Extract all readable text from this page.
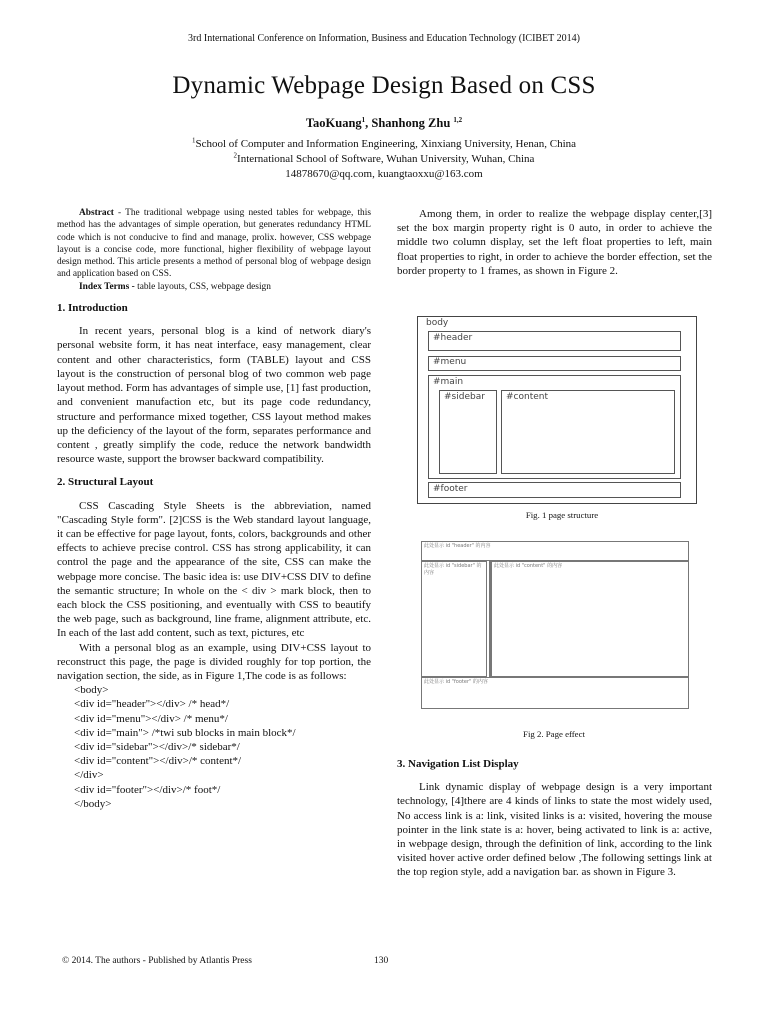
3rd International Conference on Information, Business and Education Technology (ICIBET 2014)
Dynamic Webpage Design Based on CSS
TaoKuang$^1$, Shanhong Zhu $^{1,2}$
$^1$School of Computer and Information Engineering, Xinxiang University, Henan, China
$^2$International School of Software, Wuhan University, Wuhan, China
14878670@qq.com, kuangtaoxxu@163.com
Abstract - The traditional webpage using nested tables for webpage, this method has the advantages of simple operation, but generates redundancy HTML code which is not conducive to find and manage, prolix. however, CSS webpage layout is a concise code, more functional, higher flexibility of webpage layout design method. This article presents a method of personal blog of webpage design and application based on CSS.
Index Terms - table layouts, CSS, webpage design
1. Introduction
In recent years, personal blog is a kind of network diary's personal website form, it has neat interface, easy management, clear content and other characteristics, form (TABLE) layout and CSS layout is the construction of personal blog of two common web page layout method. Form has advantages of simple use, [1] fast production, and convenient manufaction etc, but its page code redundancy, structure and performance mixed together, CSS layout method makes up the deficiency of the layout of the form, separates performance and content , greatly simplify the code, reduce the network bandwidth resource waste, support the browser backward compatibility.
2. Structural Layout
CSS Cascading Style Sheets is the abbreviation, named "Cascading Style form". [2]CSS is the Web standard layout language, it can be effective for page layout, fonts, colors, backgrounds and other effects to achieve precise control. CSS has strong applicability, it can control the page and the appearance of the site, CSS can make the webpage more concise. The basic idea is: use DIV+CSS DIV to define the semantic structure; In whole on the < div > mark block, then to each block the CSS positioning, and eventually with CSS to beautify the web page, such as background, line frame, alignment attribute, etc. In each of the last add content, such as text, pictures, etc
With a personal blog as an example, using DIV+CSS layout to reconstruct this page, the page is divided roughly for top portion, the navigation section, the side, as in Figure 1,The code is as follows:
<body>
<div id="header"></div> /* head*/
<div id="menu"></div> /* menu*/
<div id="main"> /*twi sub blocks in main block*/
<div id="sidebar"></div>/* sidebar*/
<div id="content"></div>/* content*/
</div>
<div id="footer"></div>/* foot*/
</body>
Among them, in order to realize the webpage display center,[3] set the box margin property right is 0 auto, in order to achieve the middle two column display, set the left float properties to left, main float properties to right, in order to achieve the border effection, set the border property to 1 frames, as shown in Figure 2.
body
#header
#menu
#main
#sidebar	#content
#footer
Fig. 1 page structure
此处显示 id "header" 的内容
此处显示 id "sidebar" 的内容
此处显示 id "content" 的内容
此处显示 id "footer" 的内容
Fig 2. Page effect
3. Navigation List Display
Link dynamic display of webpage design is a very important technology, [4]there are 4 kinds of links to state the most widely used, No access link is a: link, visited links is a: visited, hovering the mouse pointer in the link state is a: hover, being activated to link is a: active, in webpage design, through the definition of link, according to the link visited hover active order defined below ,The following settings link at the top region style, add a navigation bar. as shown in Figure 3.
© 2014. The authors - Published by Atlantis Press	130
